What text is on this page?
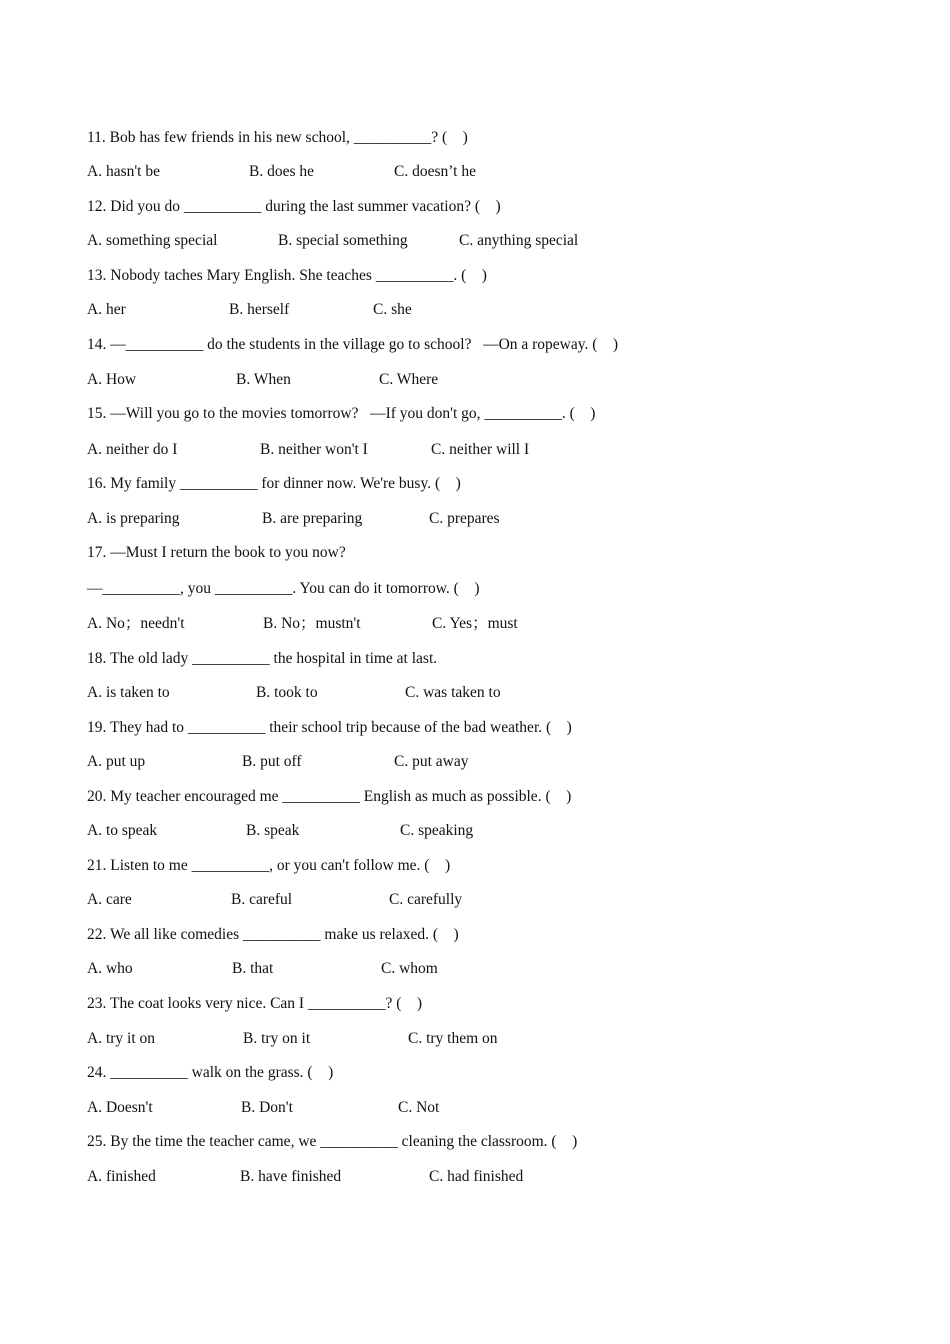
11. Bob has few friends in his new school, __________? (    )
A. hasn't be	B. does he	C. doesn’t he
12. Did you do __________ during the last summer vacation? (    )
A. something special	B. special something	C. anything special
13. Nobody taches Mary English. She teaches __________. (    )
A. her	B. herself	C. she
14. —__________ do the students in the village go to school?   —On a ropeway. (    )
A. How	B. When	C. Where
15. —Will you go to the movies tomorrow?   —If you don't go, __________. (    )
A. neither do I	B. neither won't I	C. neither will I
16. My family __________ for dinner now. We're busy. (    )
A. is preparing	B. are preparing	C. prepares
17. —Must I return the book to you now?
—__________, you __________. You can do it tomorrow. (    )
A. No；needn't	B. No；mustn't	C. Yes；must
18. The old lady __________ the hospital in time at last.
A. is taken to	B. took to	C. was taken to
19. They had to __________ their school trip because of the bad weather. (    )
A. put up	B. put off	C. put away
20. My teacher encouraged me __________ English as much as possible. (    )
A. to speak	B. speak	C. speaking
21. Listen to me __________, or you can't follow me. (    )
A. care	B. careful	C. carefully
22. We all like comedies __________ make us relaxed. (    )
A. who	B. that	C. whom
23. The coat looks very nice. Can I __________? (    )
A. try it on	B. try on it	C. try them on
24. __________ walk on the grass. (    )
A. Doesn't	B. Don't	C. Not
25. By the time the teacher came, we __________ cleaning the classroom. (    )
A. finished	B. have finished	C. had finished
